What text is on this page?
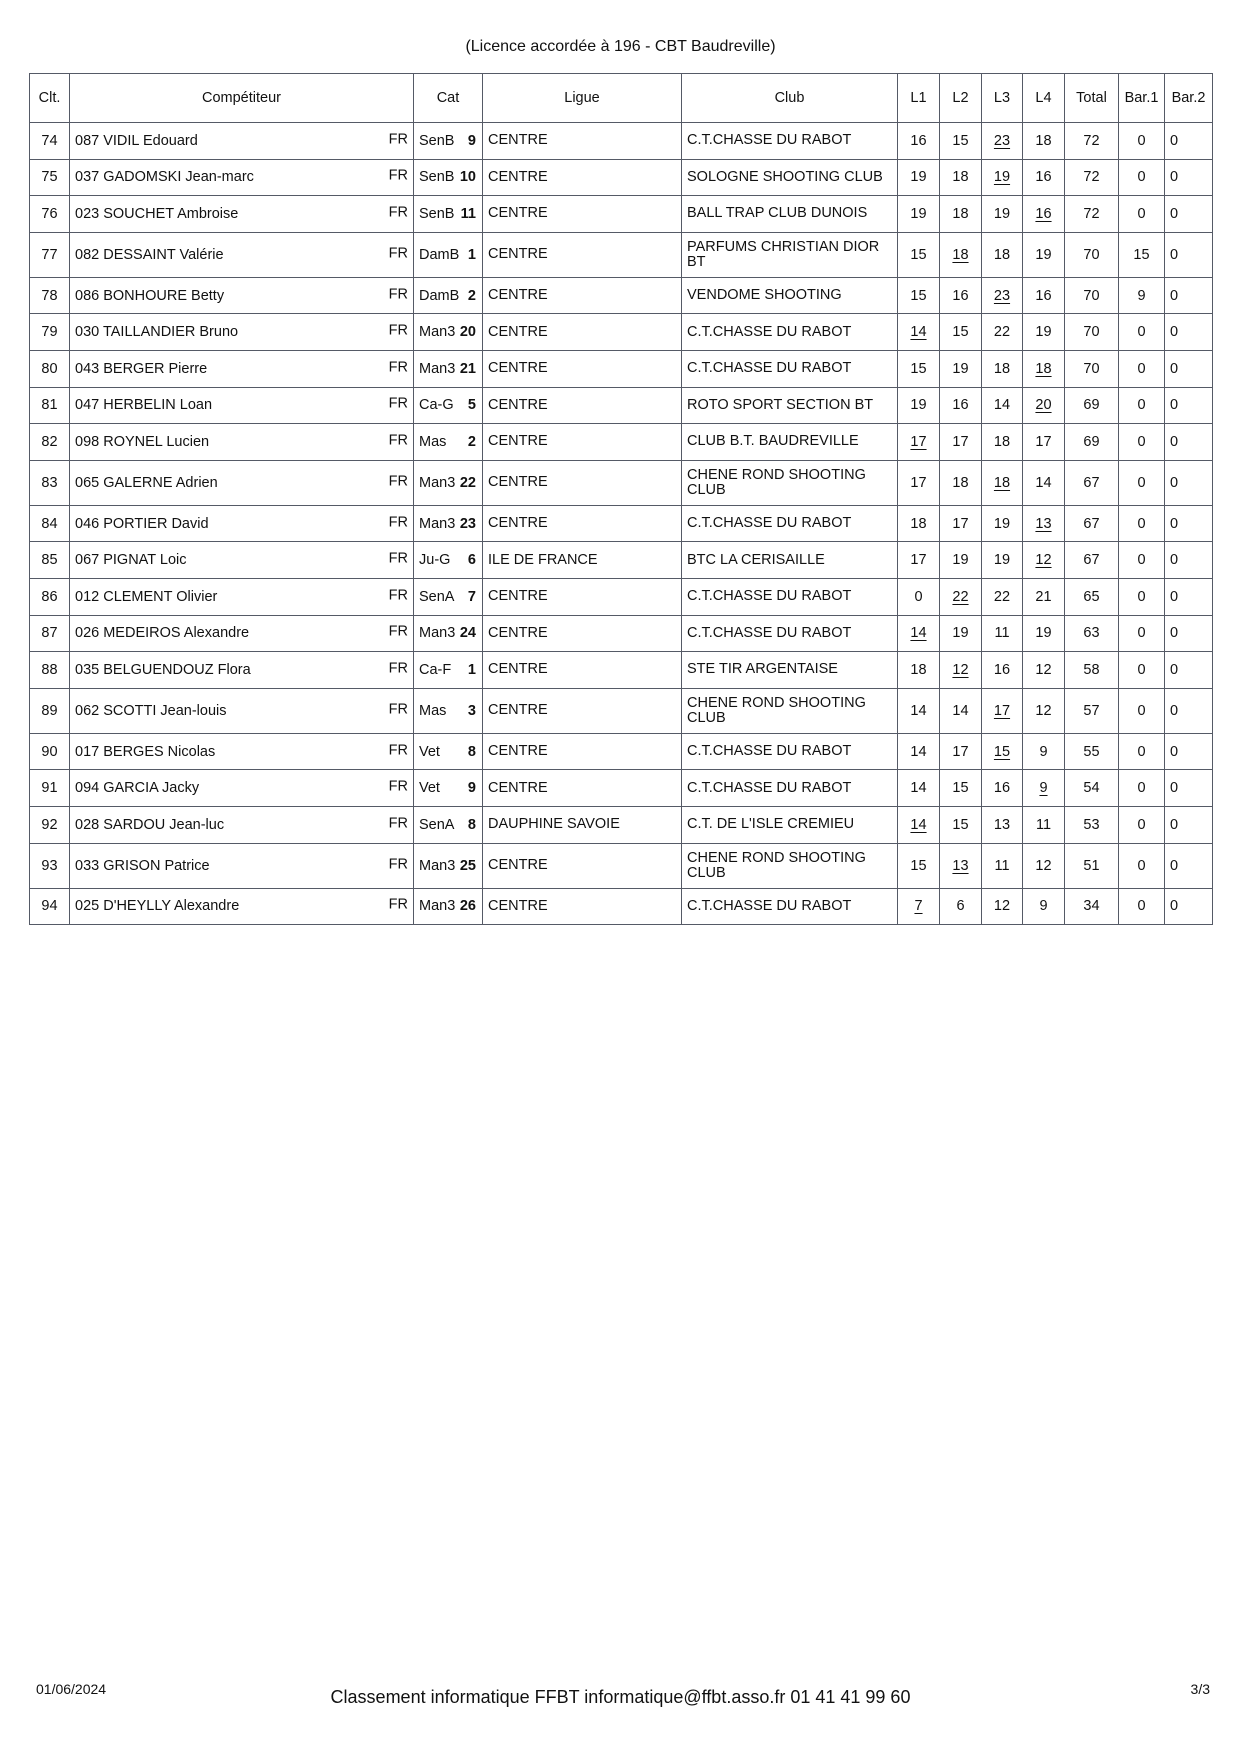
(Licence accordée à 196 - CBT Baudreville)
Clt.	Compétiteur	Cat	Ligue	Club	L1	L2	L3	L4	Total	Bar.1	Bar.2
74	087 VIDIL Edouard FR	SenB 9	CENTRE	C.T.CHASSE DU RABOT	16	15	23	18	72	0	0
75	037 GADOMSKI Jean-marc FR	SenB 10	CENTRE	SOLOGNE SHOOTING CLUB	19	18	19	16	72	0	0
76	023 SOUCHET Ambroise FR	SenB 11	CENTRE	BALL TRAP CLUB DUNOIS	19	18	19	16	72	0	0
77	082 DESSAINT Valérie FR	DamB 1	CENTRE	PARFUMS CHRISTIAN DIOR BT	15	18	18	19	70	15	0
78	086 BONHOURE Betty FR	DamB 2	CENTRE	VENDOME SHOOTING	15	16	23	16	70	9	0
79	030 TAILLANDIER Bruno FR	Man3 20	CENTRE	C.T.CHASSE DU RABOT	14	15	22	19	70	0	0
80	043 BERGER Pierre FR	Man3 21	CENTRE	C.T.CHASSE DU RABOT	15	19	18	18	70	0	0
81	047 HERBELIN Loan FR	Ca-G 5	CENTRE	ROTO SPORT SECTION BT	19	16	14	20	69	0	0
82	098 ROYNEL Lucien FR	Mas 2	CENTRE	CLUB B.T. BAUDREVILLE	17	17	18	17	69	0	0
83	065 GALERNE Adrien FR	Man3 22	CENTRE	CHENE ROND SHOOTING CLUB	17	18	18	14	67	0	0
84	046 PORTIER David FR	Man3 23	CENTRE	C.T.CHASSE DU RABOT	18	17	19	13	67	0	0
85	067 PIGNAT Loic FR	Ju-G 6	ILE DE FRANCE	BTC LA CERISAILLE	17	19	19	12	67	0	0
86	012 CLEMENT Olivier FR	SenA 7	CENTRE	C.T.CHASSE DU RABOT	0	22	22	21	65	0	0
87	026 MEDEIROS Alexandre FR	Man3 24	CENTRE	C.T.CHASSE DU RABOT	14	19	11	19	63	0	0
88	035 BELGUENDOUZ Flora FR	Ca-F 1	CENTRE	STE TIR ARGENTAISE	18	12	16	12	58	0	0
89	062 SCOTTI Jean-louis FR	Mas 3	CENTRE	CHENE ROND SHOOTING CLUB	14	14	17	12	57	0	0
90	017 BERGES Nicolas FR	Vet 8	CENTRE	C.T.CHASSE DU RABOT	14	17	15	9	55	0	0
91	094 GARCIA Jacky FR	Vet 9	CENTRE	C.T.CHASSE DU RABOT	14	15	16	9	54	0	0
92	028 SARDOU Jean-luc FR	SenA 8	DAUPHINE SAVOIE	C.T. DE L'ISLE CREMIEU	14	15	13	11	53	0	0
93	033 GRISON Patrice FR	Man3 25	CENTRE	CHENE ROND SHOOTING CLUB	15	13	11	12	51	0	0
94	025 D'HEYLLY Alexandre FR	Man3 26	CENTRE	C.T.CHASSE DU RABOT	7	6	12	9	34	0	0
01/06/2024	Classement informatique FFBT informatique@ffbt.asso.fr 01 41 41 99 60	3/3
